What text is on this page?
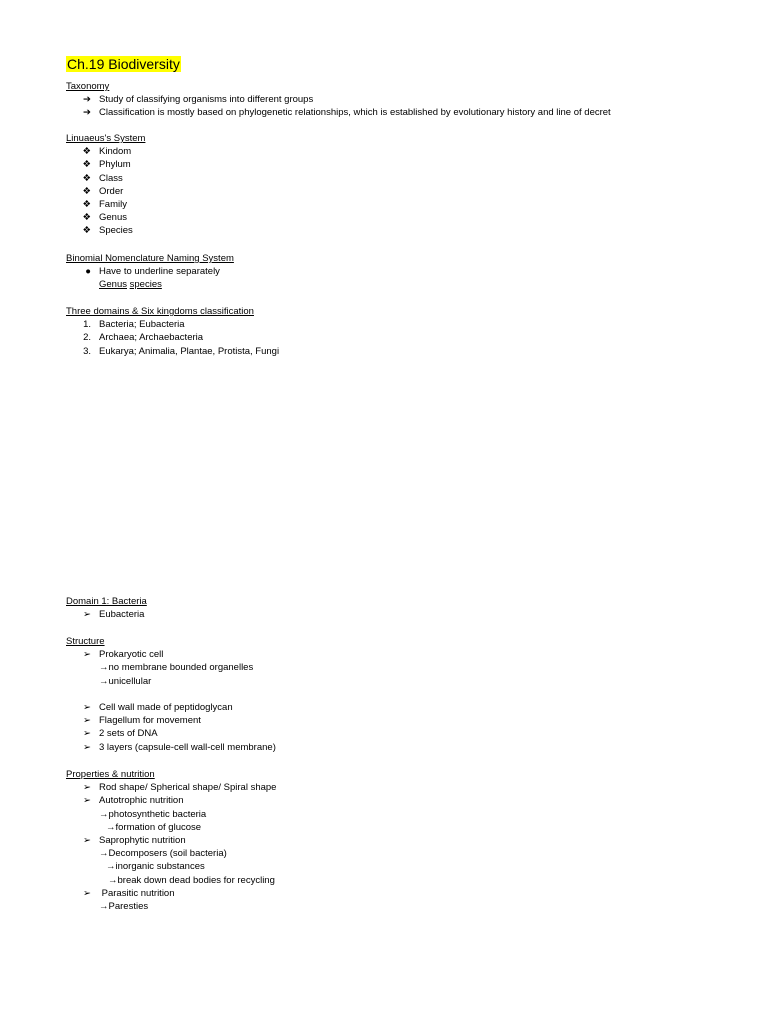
Ch.19 Biodiversity
Taxonomy
➔ Study of classifying organisms into different groups
➔ Classification is mostly based on phylogenetic relationships, which is established by evolutionary history and line of decret
Linuaeus's System
❖ Kindom
❖ Phylum
❖ Class
❖ Order
❖ Family
❖ Genus
❖ Species
Binomial Nomenclature Naming System
● Have to underline separately
Genus species
Three domains & Six kingdoms classification
1. Bacteria; Eubacteria
2. Archaea; Archaebacteria
3. Eukarya; Animalia, Plantae, Protista, Fungi
Domain 1: Bacteria
➢ Eubacteria
Structure
➢ Prokaryotic cell
→no membrane bounded organelles
→unicellular
➢ Cell wall made of peptidoglycan
➢ Flagellum for movement
➢ 2 sets of DNA
➢ 3 layers (capsule-cell wall-cell membrane)
Properties & nutrition
➢ Rod shape/ Spherical shape/ Spiral shape
➢ Autotrophic nutrition
→photosynthetic bacteria
→formation of glucose
➢ Saprophytic nutrition
→Decomposers (soil bacteria)
→inorganic substances
→break down dead bodies for recycling
➢ Parasitic nutrition
→Paresties
